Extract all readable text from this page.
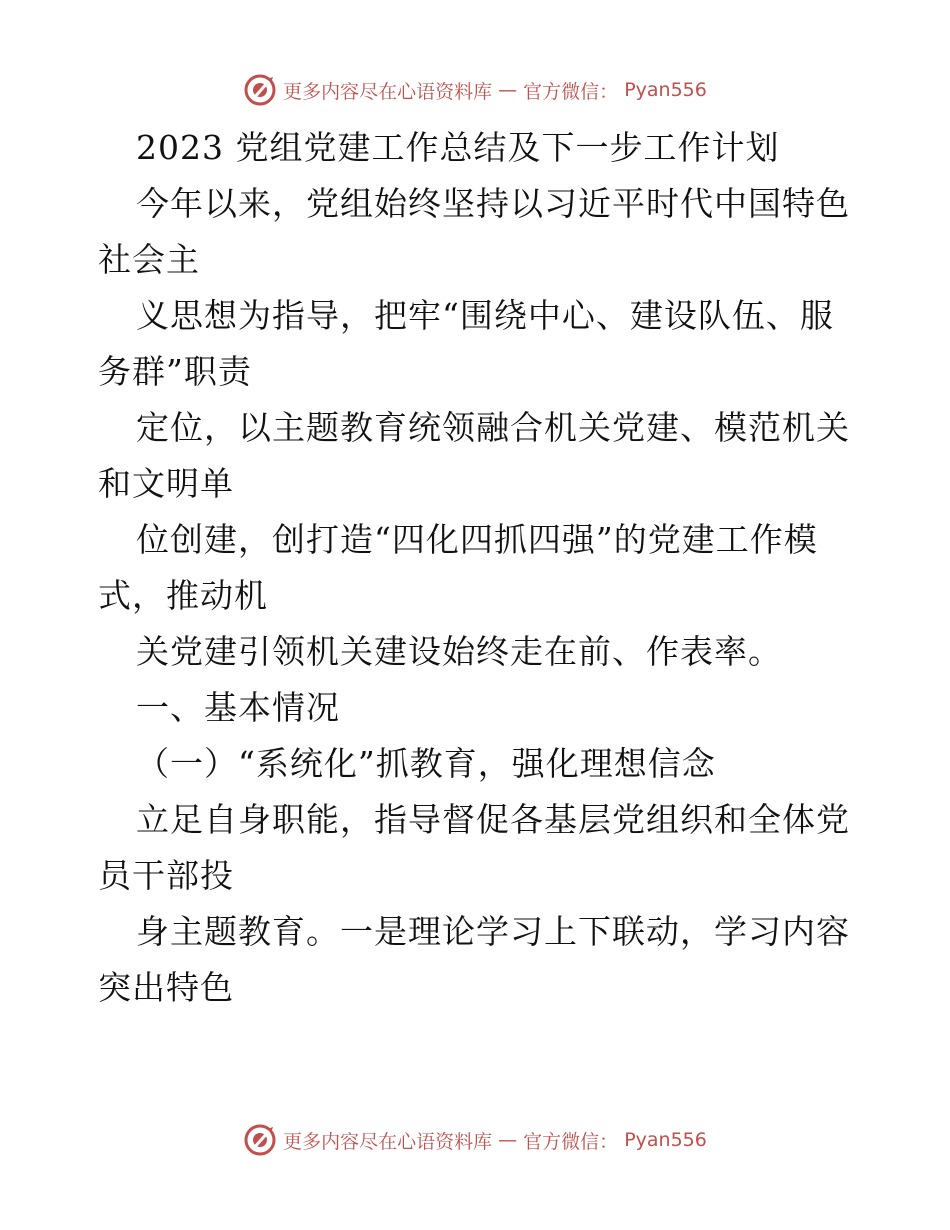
更多内容尽在心语资料库 — 官方微信： Pyan556
2023 党组党建工作总结及下一步工作计划
今年以来，党组始终坚持以习近平时代中国特色
社会主
义思想为指导，把牢“围绕中心、建设队伍、服
务群”职责
定位，以主题教育统领融合机关党建、模范机关
和文明单
位创建，创打造“四化四抓四强”的党建工作模
式，推动机
关党建引领机关建设始终走在前、作表率。
一、基本情况
（一）“系统化”抓教育，强化理想信念
立足自身职能，指导督促各基层党组织和全体党
员干部投
身主题教育。一是理论学习上下联动，学习内容
突出特色
更多内容尽在心语资料库 — 官方微信： Pyan556
